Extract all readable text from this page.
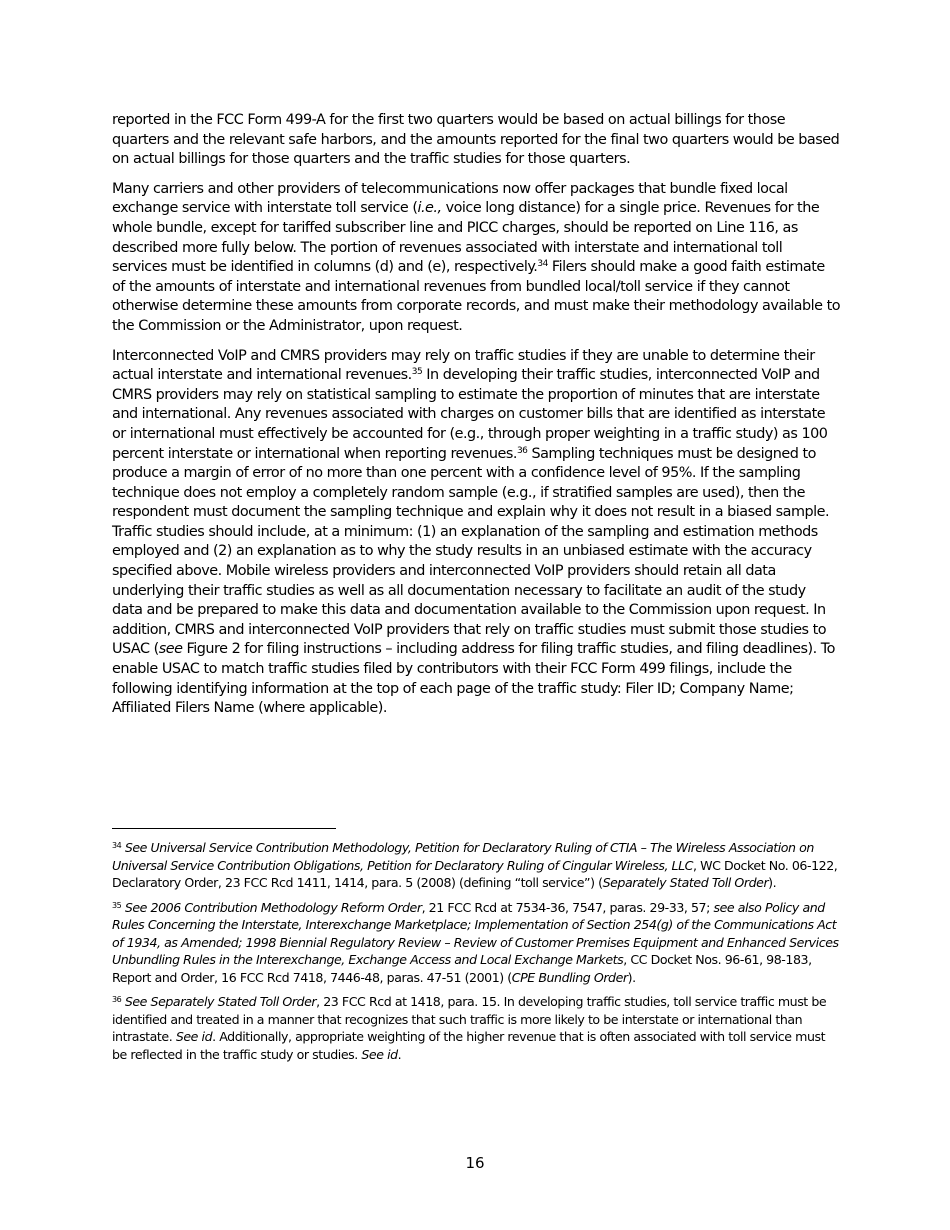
reported in the FCC Form 499-A for the first two quarters would be based on actual billings for those quarters and the relevant safe harbors, and the amounts reported for the final two quarters would be based on actual billings for those quarters and the traffic studies for those quarters.

Many carriers and other providers of telecommunications now offer packages that bundle fixed local exchange service with interstate toll service (i.e., voice long distance) for a single price. Revenues for the whole bundle, except for tariffed subscriber line and PICC charges, should be reported on Line 116, as described more fully below. The portion of revenues associated with interstate and international toll services must be identified in columns (d) and (e), respectively.$^{34}$ Filers should make a good faith estimate of the amounts of interstate and international revenues from bundled local/toll service if they cannot otherwise determine these amounts from corporate records, and must make their methodology available to the Commission or the Administrator, upon request.

Interconnected VoIP and CMRS providers may rely on traffic studies if they are unable to determine their actual interstate and international revenues.$^{35}$ In developing their traffic studies, interconnected VoIP and CMRS providers may rely on statistical sampling to estimate the proportion of minutes that are interstate and international. Any revenues associated with charges on customer bills that are identified as interstate or international must effectively be accounted for (e.g., through proper weighting in a traffic study) as 100 percent interstate or international when reporting revenues.$^{36}$ Sampling techniques must be designed to produce a margin of error of no more than one percent with a confidence level of 95%. If the sampling technique does not employ a completely random sample (e.g., if stratified samples are used), then the respondent must document the sampling technique and explain why it does not result in a biased sample. Traffic studies should include, at a minimum: (1) an explanation of the sampling and estimation methods employed and (2) an explanation as to why the study results in an unbiased estimate with the accuracy specified above. Mobile wireless providers and interconnected VoIP providers should retain all data underlying their traffic studies as well as all documentation necessary to facilitate an audit of the study data and be prepared to make this data and documentation available to the Commission upon request. In addition, CMRS and interconnected VoIP providers that rely on traffic studies must submit those studies to USAC (see Figure 2 for filing instructions – including address for filing traffic studies, and filing deadlines). To enable USAC to match traffic studies filed by contributors with their FCC Form 499 filings, include the following identifying information at the top of each page of the traffic study: Filer ID; Company Name; Affiliated Filers Name (where applicable).

$^{34}$ See Universal Service Contribution Methodology, Petition for Declaratory Ruling of CTIA – The Wireless Association on Universal Service Contribution Obligations, Petition for Declaratory Ruling of Cingular Wireless, LLC, WC Docket No. 06-122, Declaratory Order, 23 FCC Rcd 1411, 1414, para. 5 (2008) (defining “toll service”) (Separately Stated Toll Order).

$^{35}$ See 2006 Contribution Methodology Reform Order, 21 FCC Rcd at 7534-36, 7547, paras. 29-33, 57; see also Policy and Rules Concerning the Interstate, Interexchange Marketplace; Implementation of Section 254(g) of the Communications Act of 1934, as Amended; 1998 Biennial Regulatory Review – Review of Customer Premises Equipment and Enhanced Services Unbundling Rules in the Interexchange, Exchange Access and Local Exchange Markets, CC Docket Nos. 96-61, 98-183, Report and Order, 16 FCC Rcd 7418, 7446-48, paras. 47-51 (2001) (CPE Bundling Order).

$^{36}$ See Separately Stated Toll Order, 23 FCC Rcd at 1418, para. 15. In developing traffic studies, toll service traffic must be identified and treated in a manner that recognizes that such traffic is more likely to be interstate or international than intrastate. See id. Additionally, appropriate weighting of the higher revenue that is often associated with toll service must be reflected in the traffic study or studies. See id.

16
